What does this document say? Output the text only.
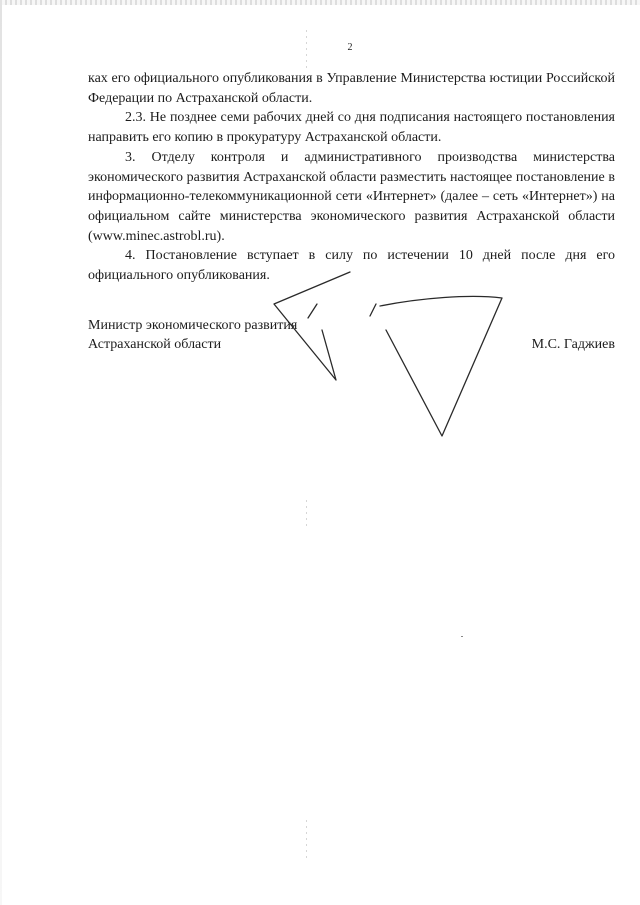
2

ках его официального опубликования в Управление Министерства юстиции Российской Федерации по Астраханской области.

2.3. Не позднее семи рабочих дней со дня подписания настоящего постановления направить его копию в прокуратуру Астраханской области.

3. Отделу контроля и административного производства министерства экономического развития Астраханской области разместить настоящее постановление в информационно-телекоммуникационной сети «Интернет» (далее – сеть «Интернет») на официальном сайте министерства экономического развития Астраханской области (www.minec.astrobl.ru).

4. Постановление вступает в силу по истечении 10 дней после дня его официального опубликования.

Министр экономического развития
Астраханской области	М.С. Гаджиев
